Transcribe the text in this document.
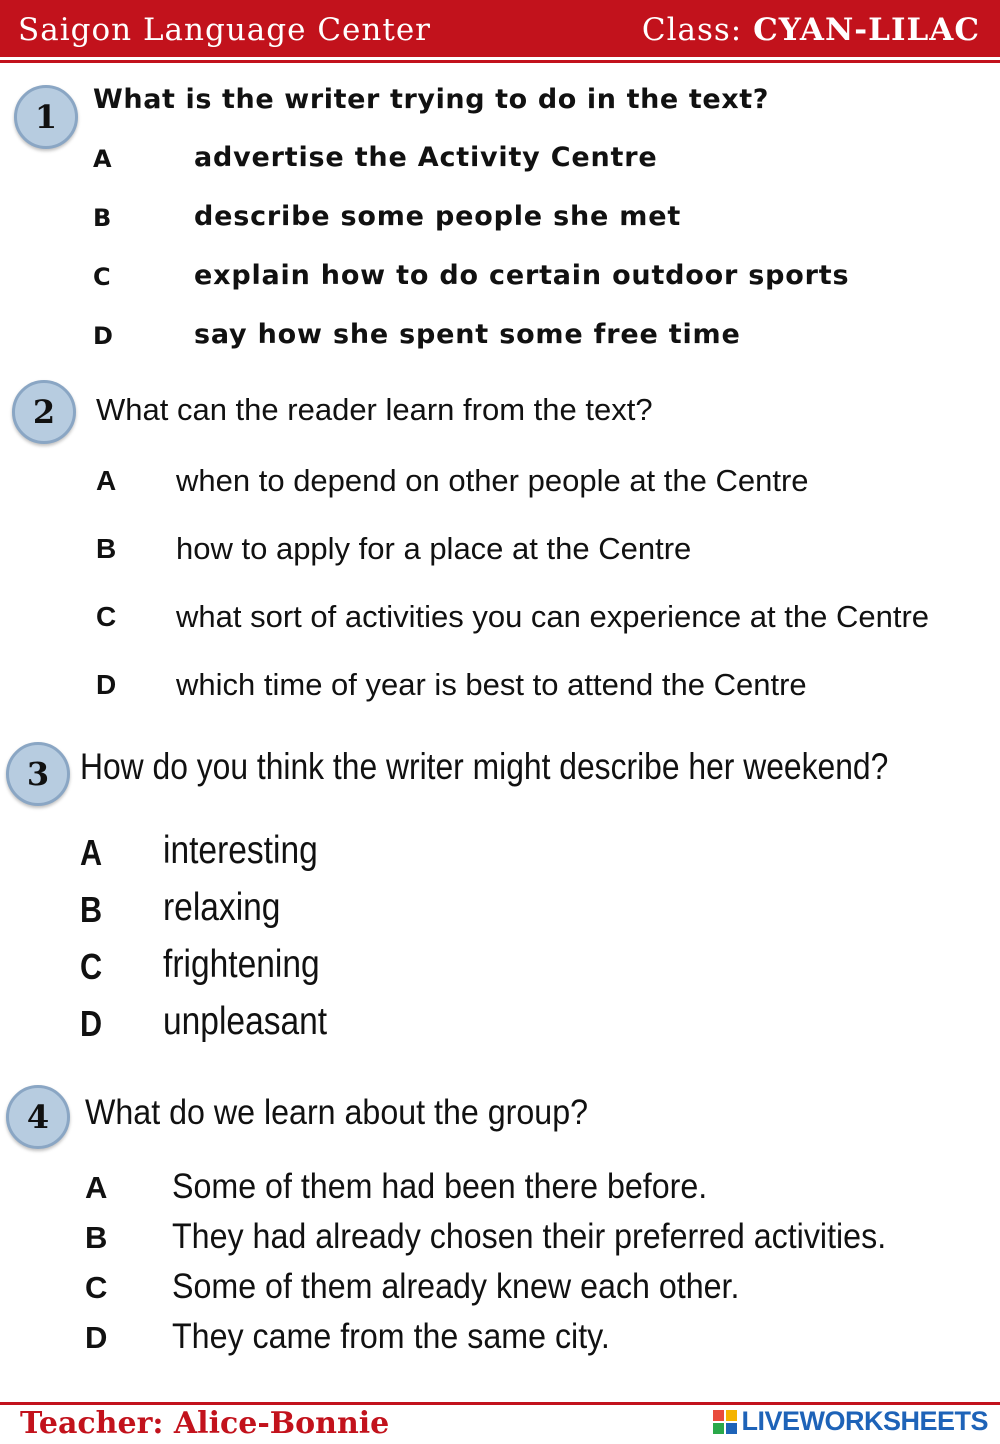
Saigon Language Center	Class: CYAN-LILAC
1	What is the writer trying to do in the text?
A	advertise the Activity Centre
B	describe some people she met
C	explain how to do certain outdoor sports
D	say how she spent some free time
2	What can the reader learn from the text?
A when to depend on other people at the Centre
B how to apply for a place at the Centre
C what sort of activities you can experience at the Centre
D which time of year is best to attend the Centre
3 How do you think the writer might describe her weekend?
A interesting
B relaxing
C frightening
D unpleasant
4	What do we learn about the group?
A Some of them had been there before.
B They had already chosen their preferred activities.
C Some of them already knew each other.
D They came from the same city.
Teacher: Alice-Bonnie	LIVEWORKSHEETS
